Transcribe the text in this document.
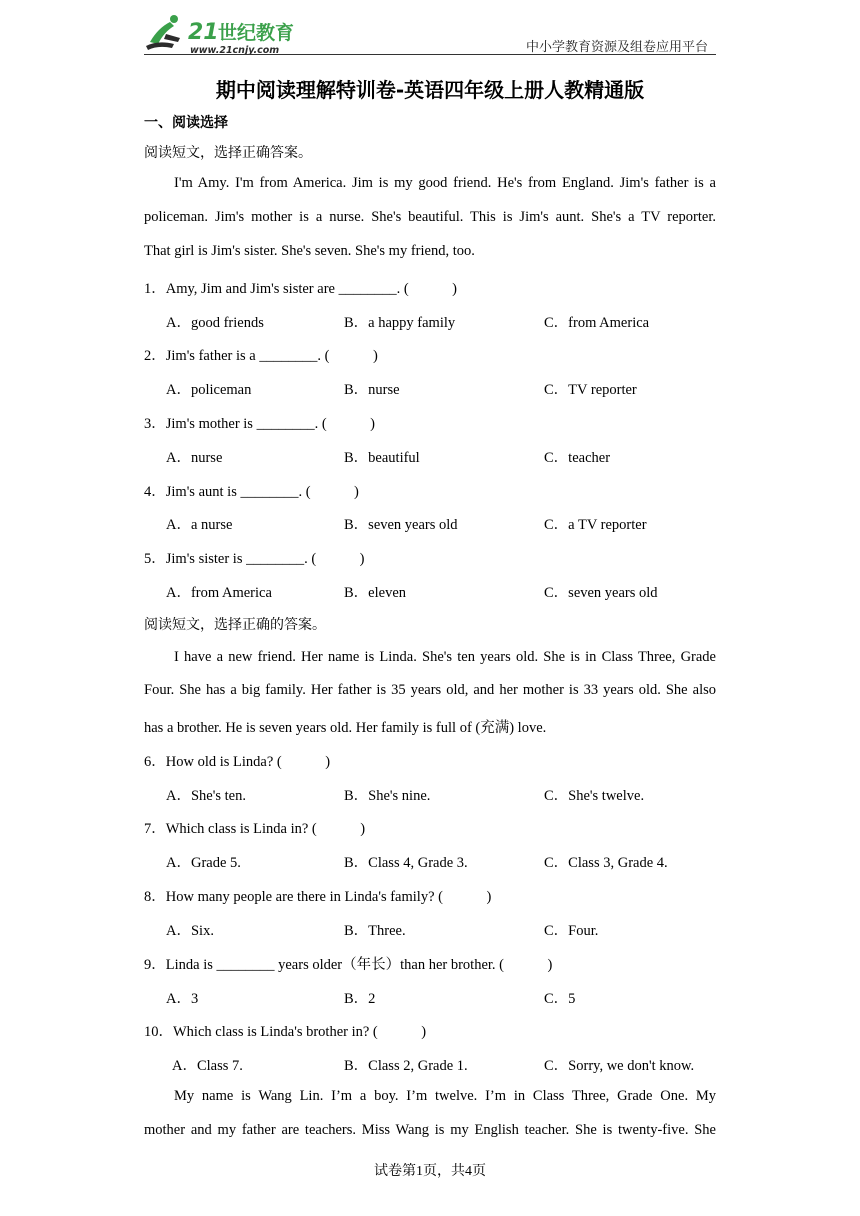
21 世纪教育
www.21cnjy.com	中小学教育资源及组卷应用平台
期中阅读理解特训卷-英语四年级上册人教精通版
一、阅读选择
阅读短文，选择正确答案。
I'm Amy. I'm from America. Jim is my good friend. He's from England. Jim's father is a
policeman. Jim's mother is a nurse. She's beautiful. This is Jim's aunt. She's a TV reporter.
That girl is Jim's sister. She's seven. She's my friend, too.
1．Amy, Jim and Jim's sister are ________. (　　　)
A．good friends	B．a happy family	C．from America
2．Jim's father is a ________. (　　　)
A．policeman	B．nurse	C．TV reporter
3．Jim's mother is ________. (　　　)
A．nurse	B．beautiful	C．teacher
4．Jim's aunt is ________. (　　　)
A．a nurse	B．seven years old	C．a TV reporter
5．Jim's sister is ________. (　　　)
A．from America	B．eleven	C．seven years old
阅读短文，选择正确的答案。
I have a new friend. Her name is Linda. She's ten years old. She is in Class Three, Grade
Four. She has a big family. Her father is 35 years old, and her mother is 33 years old. She also
has a brother. He is seven years old. Her family is full of (充满) love.
6．How old is Linda? (　　　)
A．She's ten.	B．She's nine.	C．She's twelve.
7．Which class is Linda in? (　　　)
A．Grade 5.	B．Class 4, Grade 3.	C．Class 3, Grade 4.
8．How many people are there in Linda's family? (　　　)
A．Six.	B．Three.	C．Four.
9．Linda is ________ years older（年长）than her brother. (　　　)
A．3	B．2	C．5
10．Which class is Linda's brother in? (　　　)
A．Class 7.	B．Class 2, Grade 1.	C．Sorry, we don't know.
My name is Wang Lin. I’m a boy. I’m twelve. I’m in Class Three, Grade One. My
mother and my father are teachers. Miss Wang is my English teacher. She is twenty-five. She
试卷第1页，共4页
